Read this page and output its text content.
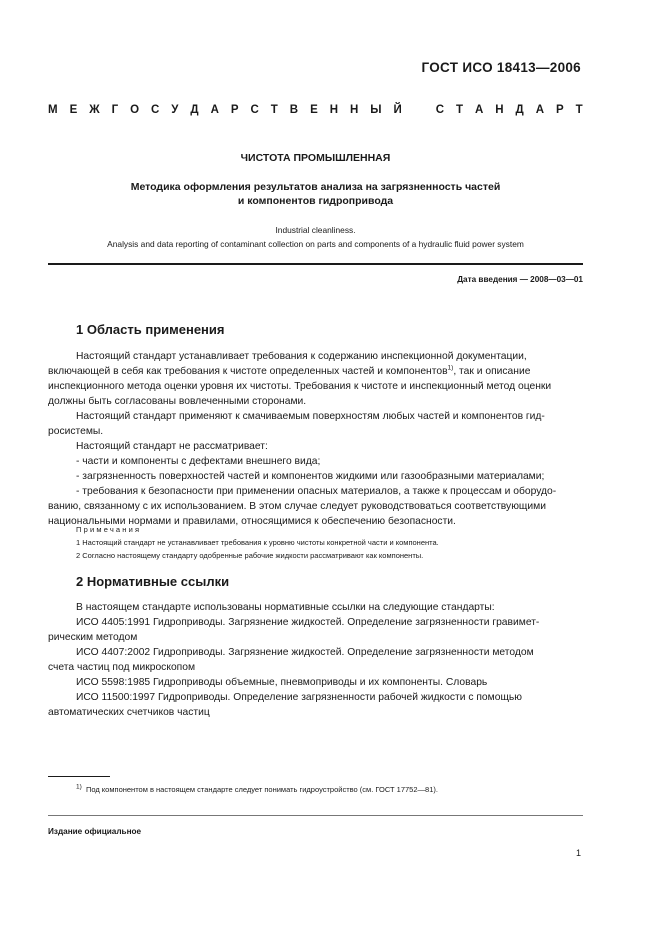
ГОСТ ИСО 18413—2006
М Е Ж Г О С У Д А Р С Т В Е Н Н Ы Й	С Т А Н Д А Р Т
ЧИСТОТА ПРОМЫШЛЕННАЯ
Методика оформления результатов анализа на загрязненность частей
и компонентов гидропривода
Industrial cleanliness.
Analysis and data reporting of contaminant collection on parts and components of a hydraulic fluid power system
Дата введения — 2008—03—01
1 Область применения

Настоящий стандарт устанавливает требования к содержанию инспекционной документации,

включающей в себя как требования к чистоте определенных частей и компонентов$^{1)}$, так и описание

инспекционного метода оценки уровня их чистоты. Требования к чистоте и инспекционный метод оценки

должны быть согласованы вовлеченными сторонами.

Настоящий стандарт применяют к смачиваемым поверхностям любых частей и компонентов гид-

росистемы.

Настоящий стандарт не рассматривает:

- части и компоненты с дефектами внешнего вида;

- загрязненность поверхностей частей и компонентов жидкими или газообразными материалами;

- требования к безопасности при применении опасных материалов, а также к процессам и оборудо-

ванию, связанному с их использованием. В этом случае следует руководствоваться соответствующими

национальными нормами и правилами, относящимися к обеспечению безопасности.

Примечания

1 Настоящий стандарт не устанавливает требования к уровню чистоты конкретной части и компонента.

2 Согласно настоящему стандарту одобренные рабочие жидкости рассматривают как компоненты.

2 Нормативные ссылки

В настоящем стандарте использованы нормативные ссылки на следующие стандарты:

ИСО 4405:1991 Гидроприводы. Загрязнение жидкостей. Определение загрязненности гравимет-

рическим методом

ИСО 4407:2002 Гидроприводы. Загрязнение жидкостей. Определение загрязненности методом

счета частиц под микроскопом

ИСО 5598:1985 Гидроприводы объемные, пневмоприводы и их компоненты. Словарь

ИСО 11500:1997 Гидроприводы. Определение загрязненности рабочей жидкости с помощью

автоматических счетчиков частиц

$^{1)}$ Под компонентом в настоящем стандарте следует понимать гидроустройство (см. ГОСТ 17752—81).
Издание официальное
1
